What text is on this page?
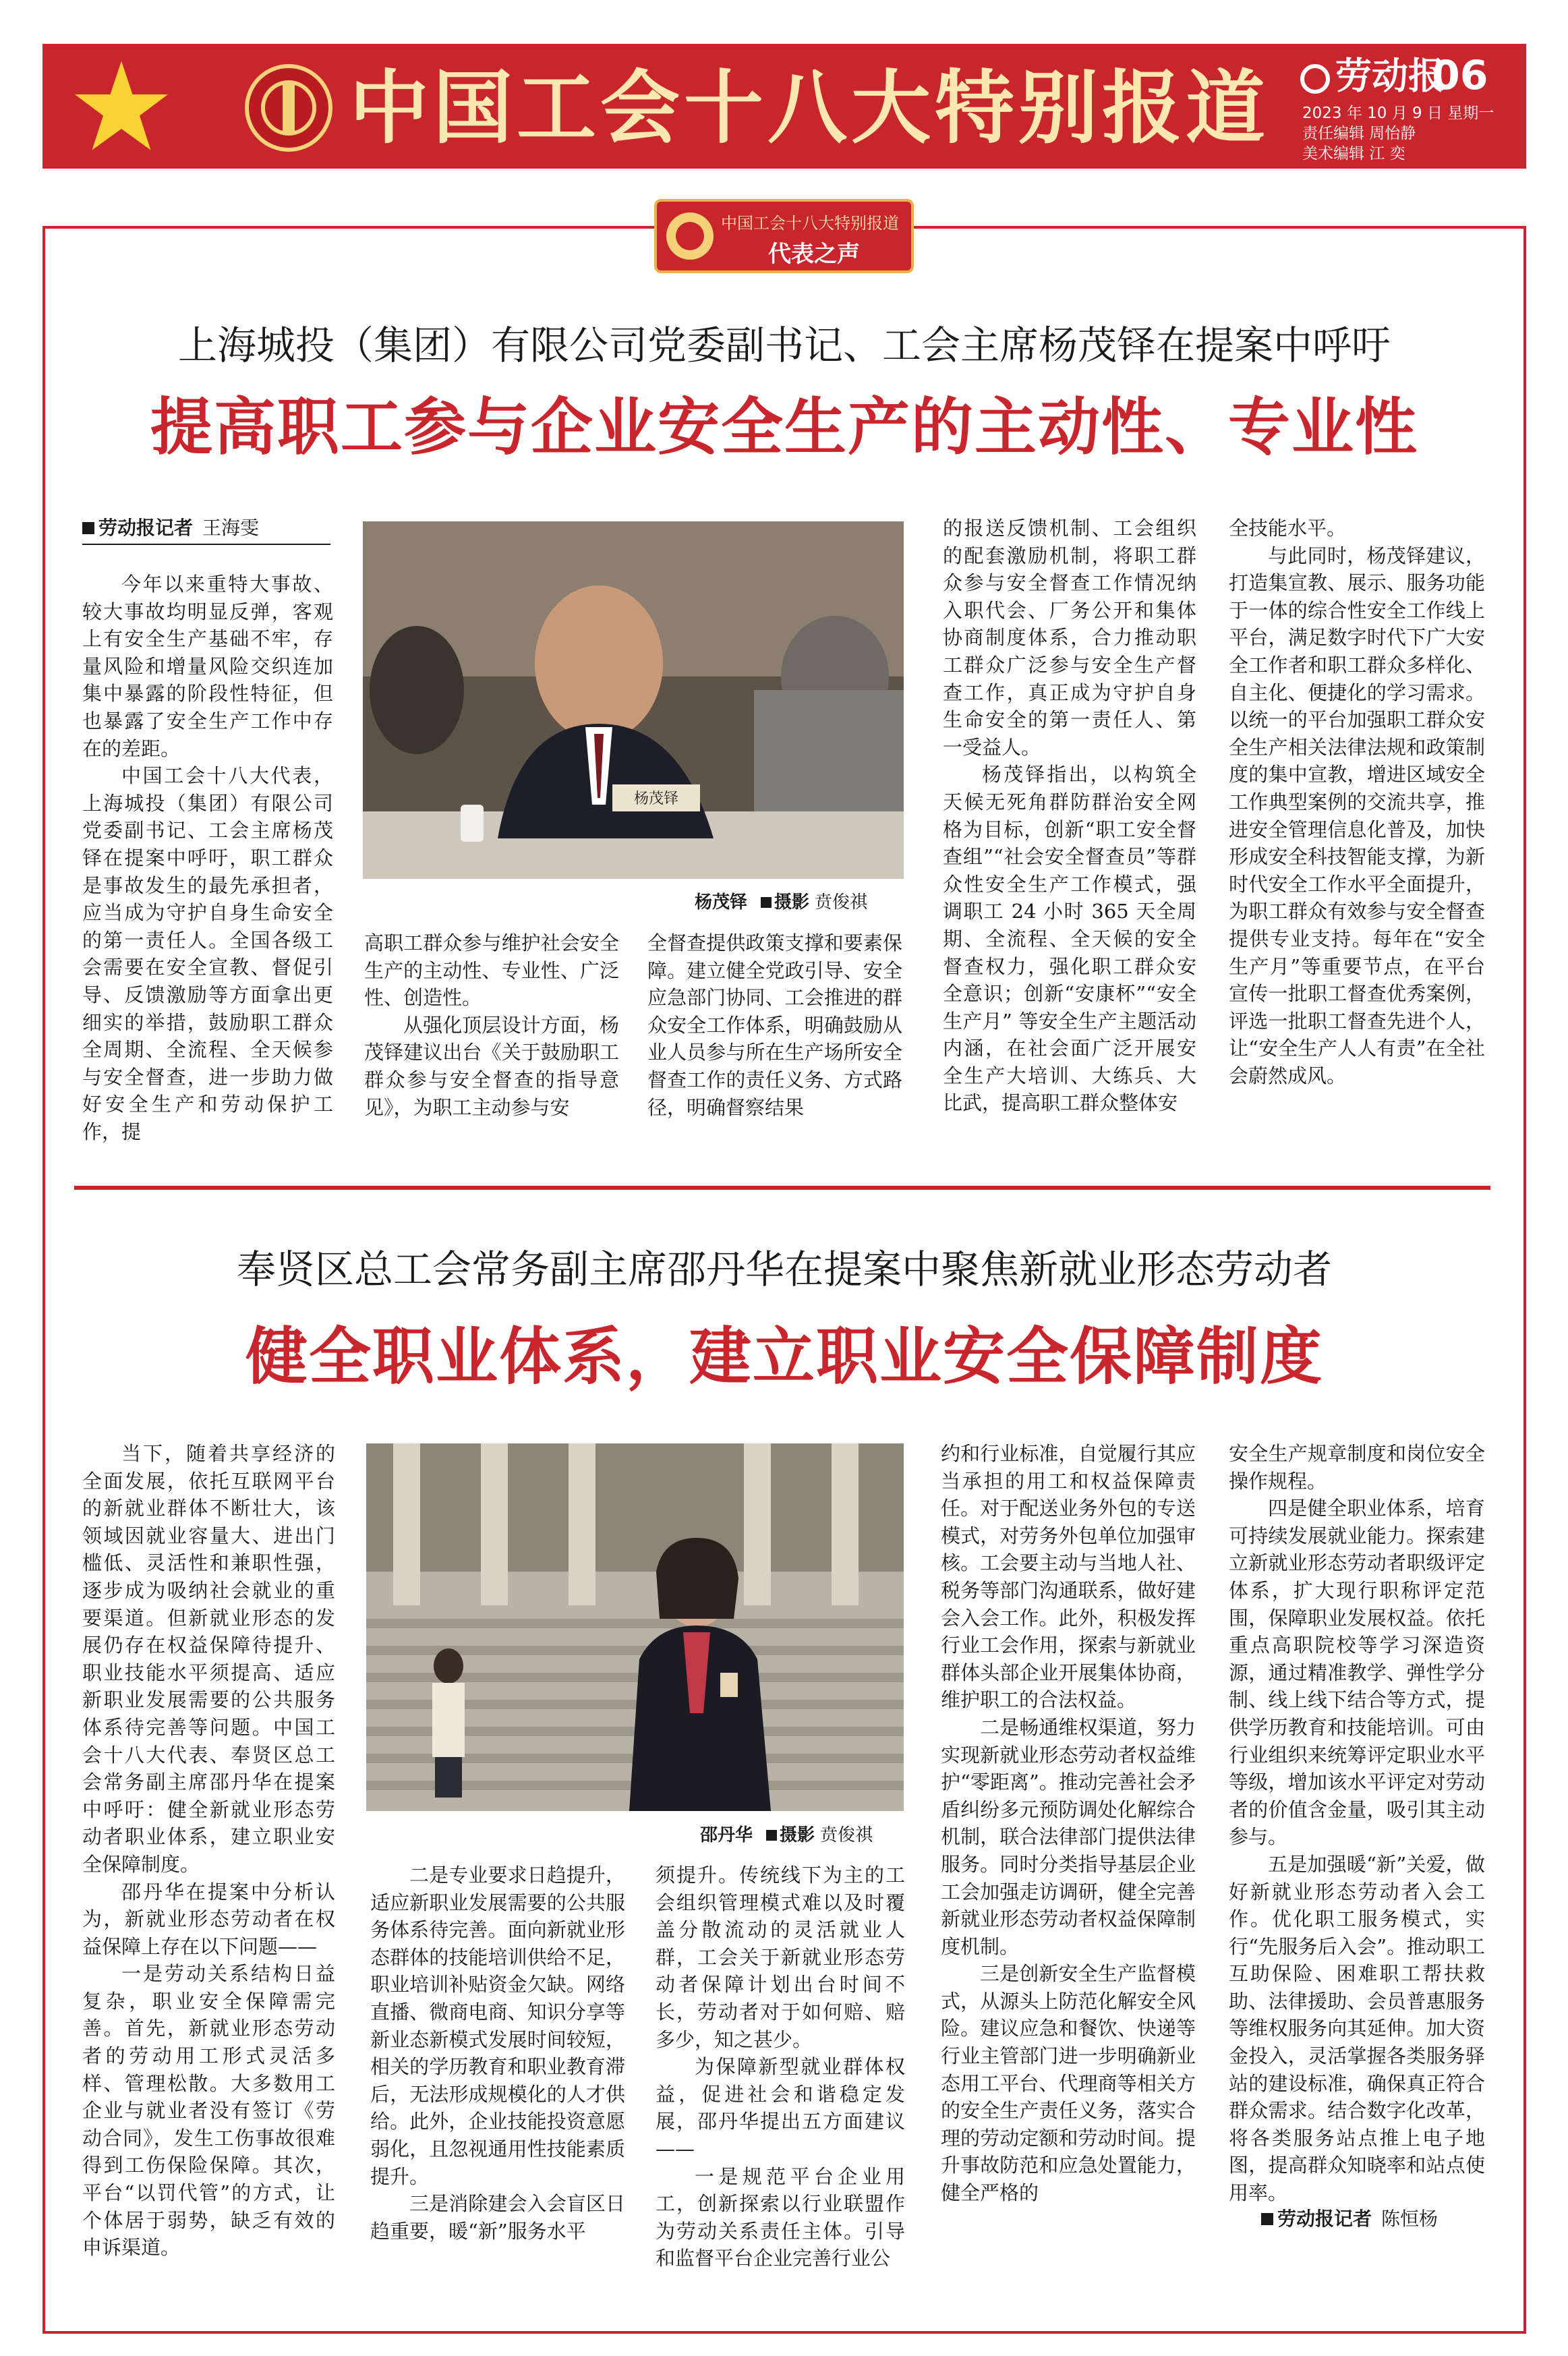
中国工会十八大特别报道	劳动报
06
2023 年 10 月 9 日 星期一
责任编辑 周怡静
美术编辑 江 奕
中国工会十八大特别报道
代表之声
上海城投（集团）有限公司党委副书记、工会主席杨茂铎在提案中呼吁
提高职工参与企业安全生产的主动性、专业性
劳动报记者 王海雯

今年以来重特大事故、较大事故均明显反弹，客观上有安全生产基础不牢，存量风险和增量风险交织连加集中暴露的阶段性特征，但也暴露了安全生产工作中存在的差距。

中国工会十八大代表，上海城投（集团）有限公司党委副书记、工会主席杨茂铎在提案中呼吁，职工群众是事故发生的最先承担者，应当成为守护自身生命安全的第一责任人。全国各级工会需要在安全宣教、督促引导、反馈激励等方面拿出更细实的举措，鼓励职工群众全周期、全流程、全天候参与安全督查，进一步助力做好安全生产和劳动保护工作，提

杨茂铎
杨茂铎 摄影 贲俊祺

高职工群众参与维护社会安全生产的主动性、专业性、广泛性、创造性。

从强化顶层设计方面，杨茂铎建议出台《关于鼓励职工群众参与安全督查的指导意见》，为职工主动参与安

全督查提供政策支撑和要素保障。建立健全党政引导、安全应急部门协同、工会推进的群众安全工作体系，明确鼓励从业人员参与所在生产场所安全督查工作的责任义务、方式路径，明确督察结果

的报送反馈机制、工会组织的配套激励机制，将职工群众参与安全督查工作情况纳入职代会、厂务公开和集体协商制度体系，合力推动职工群众广泛参与安全生产督查工作，真正成为守护自身生命安全的第一责任人、第一受益人。

杨茂铎指出，以构筑全天候无死角群防群治安全网格为目标，创新“职工安全督查组”“社会安全督查员”等群众性安全生产工作模式，强调职工 24 小时 365 天全周期、全流程、全天候的安全督查权力，强化职工群众安全意识；创新“安康杯”“安全生产月” 等安全生产主题活动内涵，在社会面广泛开展安全生产大培训、大练兵、大比武，提高职工群众整体安

全技能水平。

与此同时，杨茂铎建议，打造集宣教、展示、服务功能于一体的综合性安全工作线上平台，满足数字时代下广大安全工作者和职工群众多样化、自主化、便捷化的学习需求。以统一的平台加强职工群众安全生产相关法律法规和政策制度的集中宣教，增进区域安全工作典型案例的交流共享，推进安全管理信息化普及，加快形成安全科技智能支撑，为新时代安全工作水平全面提升，为职工群众有效参与安全督查提供专业支持。每年在“安全生产月”等重要节点，在平台宣传一批职工督查优秀案例，评选一批职工督查先进个人，让“安全生产人人有责”在全社会蔚然成风。

奉贤区总工会常务副主席邵丹华在提案中聚焦新就业形态劳动者
健全职业体系，建立职业安全保障制度

当下，随着共享经济的全面发展，依托互联网平台的新就业群体不断壮大，该领域因就业容量大、进出门槛低、灵活性和兼职性强，逐步成为吸纳社会就业的重要渠道。但新就业形态的发展仍存在权益保障待提升、职业技能水平须提高、适应新职业发展需要的公共服务体系待完善等问题。中国工会十八大代表、奉贤区总工会常务副主席邵丹华在提案中呼吁：健全新就业形态劳动者职业体系，建立职业安全保障制度。

邵丹华在提案中分析认为，新就业形态劳动者在权益保障上存在以下问题——

一是劳动关系结构日益复杂，职业安全保障需完善。首先，新就业形态劳动者的劳动用工形式灵活多样、管理松散。大多数用工企业与就业者没有签订《劳动合同》，发生工伤事故很难得到工伤保险保障。其次，平台“以罚代管”的方式，让个体居于弱势，缺乏有效的申诉渠道。

邵丹华 摄影 贲俊祺

二是专业要求日趋提升，适应新职业发展需要的公共服务体系待完善。面向新就业形态群体的技能培训供给不足，职业培训补贴资金欠缺。网络直播、微商电商、知识分享等新业态新模式发展时间较短，相关的学历教育和职业教育滞后，无法形成规模化的人才供给。此外，企业技能投资意愿弱化，且忽视通用性技能素质提升。

三是消除建会入会盲区日趋重要，暖“新”服务水平

须提升。传统线下为主的工会组织管理模式难以及时覆盖分散流动的灵活就业人群，工会关于新就业形态劳动者保障计划出台时间不长，劳动者对于如何赔、赔多少，知之甚少。

为保障新型就业群体权益，促进社会和谐稳定发展，邵丹华提出五方面建议——

一是规范平台企业用工，创新探索以行业联盟作为劳动关系责任主体。引导和监督平台企业完善行业公

约和行业标准，自觉履行其应当承担的用工和权益保障责任。对于配送业务外包的专送模式，对劳务外包单位加强审核。工会要主动与当地人社、税务等部门沟通联系，做好建会入会工作。此外，积极发挥行业工会作用，探索与新就业群体头部企业开展集体协商，维护职工的合法权益。

二是畅通维权渠道，努力实现新就业形态劳动者权益维护“零距离”。推动完善社会矛盾纠纷多元预防调处化解综合机制，联合法律部门提供法律服务。同时分类指导基层企业工会加强走访调研，健全完善新就业形态劳动者权益保障制度机制。

三是创新安全生产监督模式，从源头上防范化解安全风险。建议应急和餐饮、快递等行业主管部门进一步明确新业态用工平台、代理商等相关方的安全生产责任义务，落实合理的劳动定额和劳动时间。提升事故防范和应急处置能力，健全严格的

安全生产规章制度和岗位安全操作规程。

四是健全职业体系，培育可持续发展就业能力。探索建立新就业形态劳动者职级评定体系，扩大现行职称评定范围，保障职业发展权益。依托重点高职院校等学习深造资源，通过精准教学、弹性学分制、线上线下结合等方式，提供学历教育和技能培训。可由行业组织来统筹评定职业水平等级，增加该水平评定对劳动者的价值含金量，吸引其主动参与。

五是加强暖“新”关爱，做好新就业形态劳动者入会工作。优化职工服务模式，实行“先服务后入会”。推动职工互助保险、困难职工帮扶救助、法律援助、会员普惠服务等维权服务向其延伸。加大资金投入，灵活掌握各类服务驿站的建设标准，确保真正符合群众需求。结合数字化改革，将各类服务站点推上电子地图，提高群众知晓率和站点使用率。

劳动报记者 陈恒杨
